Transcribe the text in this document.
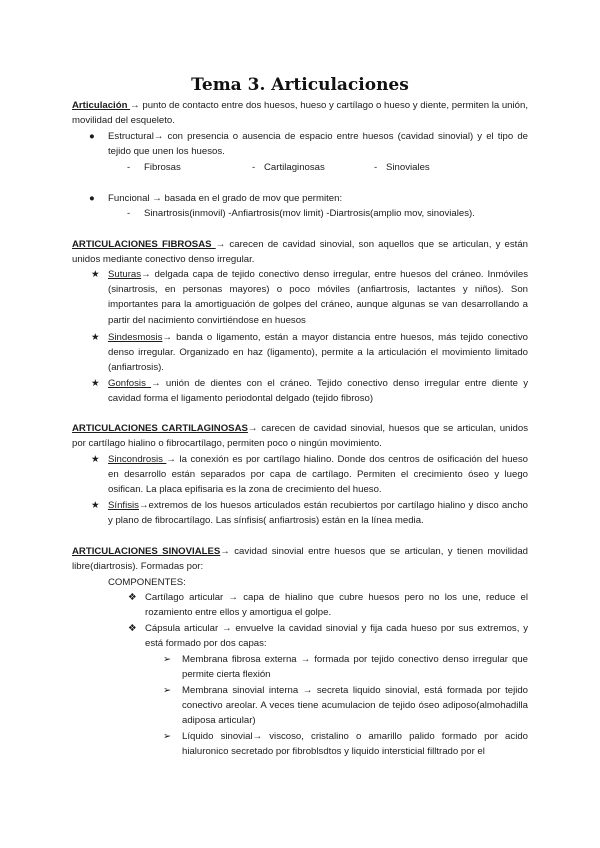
Tema 3. Articulaciones
Articulación → punto de contacto entre dos huesos, hueso y cartílago o hueso y diente, permiten la unión, movilidad del esqueleto.
● Estructural→ con presencia o ausencia de espacio entre huesos (cavidad sinovial) y el tipo de tejido que unen los huesos.
- Fibrosas	- Cartilaginosas	- Sinoviales
● Funcional → basada en el grado de mov que permiten:
- Sinartrosis(inmovil) -Anfiartrosis(mov limit) -Diartrosis(amplio mov, sinoviales).
ARTICULACIONES FIBROSAS → carecen de cavidad sinovial, son aquellos que se articulan, y están unidos mediante conectivo denso irregular.
★ Suturas→ delgada capa de tejido conectivo denso irregular, entre huesos del cráneo. Inmóviles (sinartrosis, en personas mayores) o poco móviles (anfiartrosis, lactantes y niños). Son importantes para la amortiguación de golpes del cráneo, aunque algunas se van desarrollando a partir del nacimiento convirtiéndose en huesos
★ Sindesmosis→ banda o ligamento, están a mayor distancia entre huesos, más tejido conectivo denso irregular. Organizado en haz (ligamento), permite a la articulación el movimiento limitado (anfiartrosis).
★ Gonfosis → unión de dientes con el cráneo. Tejido conectivo denso irregular entre diente y cavidad forma el ligamento periodontal delgado (tejido fibroso)
ARTICULACIONES CARTILAGINOSAS→ carecen de cavidad sinovial, huesos que se articulan, unidos por cartílago hialino o fibrocartílago, permiten poco o ningún movimiento.
★ Sincondrosis → la conexión es por cartílago hialino. Donde dos centros de osificación del hueso en desarrollo están separados por capa de cartílago. Permiten el crecimiento óseo y luego osifican. La placa epifisaria es la zona de crecimiento del hueso.
★ Sínfisis→extremos de los huesos articulados están recubiertos por cartílago hialino y disco ancho y plano de fibrocartílago. Las sínfisis( anfiartrosis) están en la línea media.
ARTICULACIONES SINOVIALES→ cavidad sinovial entre huesos que se articulan, y tienen movilidad libre(diartrosis). Formadas por:
COMPONENTES:
❖ Cartílago articular → capa de hialino que cubre huesos pero no los une, reduce el rozamiento entre ellos y amortigua el golpe.
❖ Cápsula articular → envuelve la cavidad sinovial y fija cada hueso por sus extremos, y está formado por dos capas:
➢ Membrana fibrosa externa → formada por tejido conectivo denso irregular que permite cierta flexión
➢ Membrana sinovial interna → secreta liquido sinovial, está formada por tejido conectivo areolar. A veces tiene acumulacion de tejido óseo adiposo(almohadilla adiposa articular)
➢ Líquido sinovial→ viscoso, cristalino o amarillo palido formado por acido hialuronico secretado por fibroblsdtos y liquido intersticial filltrado por el
